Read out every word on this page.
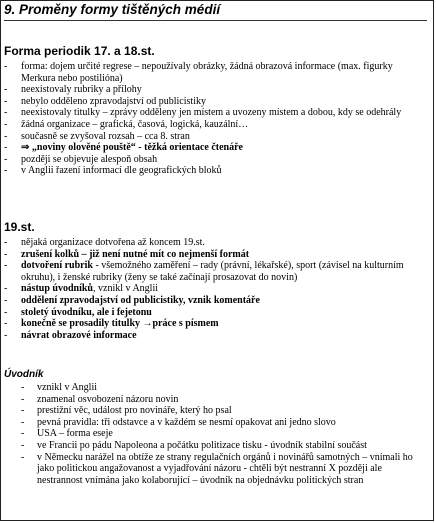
9. Proměny formy tištěných médií
Forma periodik 17. a 18.st.
- forma: dojem určité regrese – nepoužívaly obrázky, žádná obrazová informace (max. figurky Merkura nebo postilióna)
- neexistovaly rubriky a přílohy
- nebylo odděleno zpravodajství od publicistiky
- neexistovaly titulky – zprávy odděleny jen místem a uvozeny místem a dobou, kdy se odehrály
- žádná organizace – grafická, časová, logická, kauzální…
- současně se zvyšoval rozsah – cca 8. stran
- ⇒ „noviny olověné pouště“ - těžká orientace čtenáře
- později se objevuje alespoň obsah
- v Anglii řazení informací dle geografických bloků
19.st.
- nějaká organizace dotvořena až koncem 19.st.
- zrušení kolků – již není nutné mít co nejmenší formát
- dotvoření rubrik - všemožného zaměření – rady (právní, lékařské), sport (závisel na kulturním okruhu), i ženské rubriky (ženy se také začínají prosazovat do novin)
- nástup úvodníků, vznikl v Anglii
- oddělení zpravodajství od publicistiky, vznik komentáře
- stoletý úvodníku, ale i fejetonu
- konečně se prosadily titulky →práce s písmem
- návrat obrazové informace
Úvodník
- vznikl v Anglii
- znamenal osvobození názoru novin
- prestižní věc, událost pro novináře, který ho psal
- pevná pravidla: tři odstavce a v každém se nesmí opakovat ani jedno slovo
- USA – forma eseje
- ve Francii po pádu Napoleona a počátku politizace tisku - úvodník stabilní součást
- v Německu narážel na obtíže ze strany regulačních orgánů i novinářů samotných – vnímali ho jako politickou angažovanost a vyjadřování názoru - chtěli být nestranní X později ale nestrannost vnímána jako kolaborující – úvodník na objednávku politických stran
